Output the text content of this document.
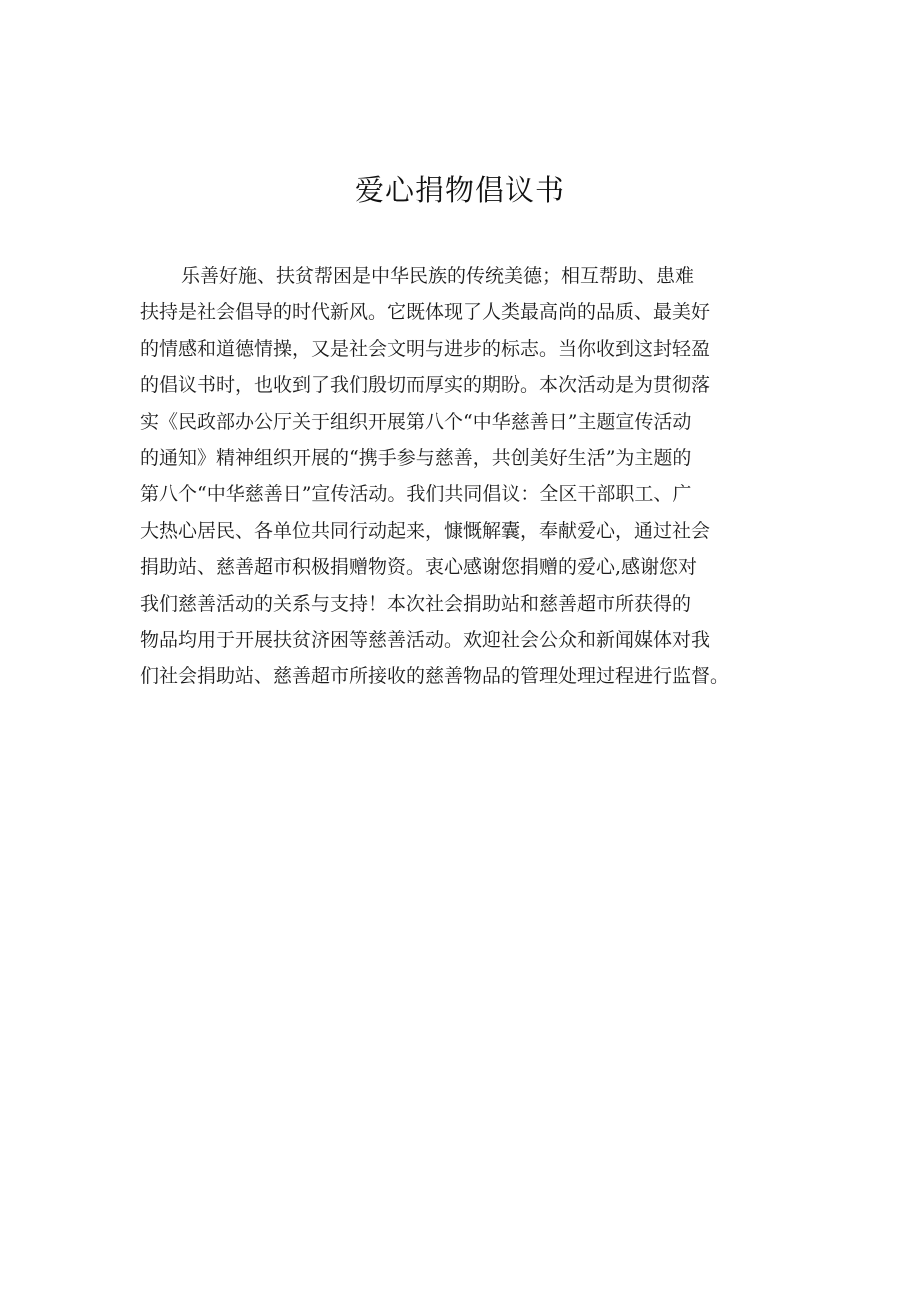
爱心捐物倡议书
乐善好施、扶贫帮困是中华民族的传统美德；相互帮助、患难
扶持是社会倡导的时代新风。它既体现了人类最高尚的品质、最美好
的情感和道德情操，又是社会文明与进步的标志。当你收到这封轻盈
的倡议书时，也收到了我们殷切而厚实的期盼。本次活动是为贯彻落
实《民政部办公厅关于组织开展第八个“中华慈善日”主题宣传活动
的通知》精神组织开展的“携手参与慈善，共创美好生活”为主题的
第八个“中华慈善日”宣传活动。我们共同倡议：全区干部职工、广
大热心居民、各单位共同行动起来，慷慨解囊，奉献爱心，通过社会
捐助站、慈善超市积极捐赠物资。衷心感谢您捐赠的爱心,感谢您对
我们慈善活动的关系与支持！本次社会捐助站和慈善超市所获得的
物品均用于开展扶贫济困等慈善活动。欢迎社会公众和新闻媒体对我
们社会捐助站、慈善超市所接收的慈善物品的管理处理过程进行监督。
